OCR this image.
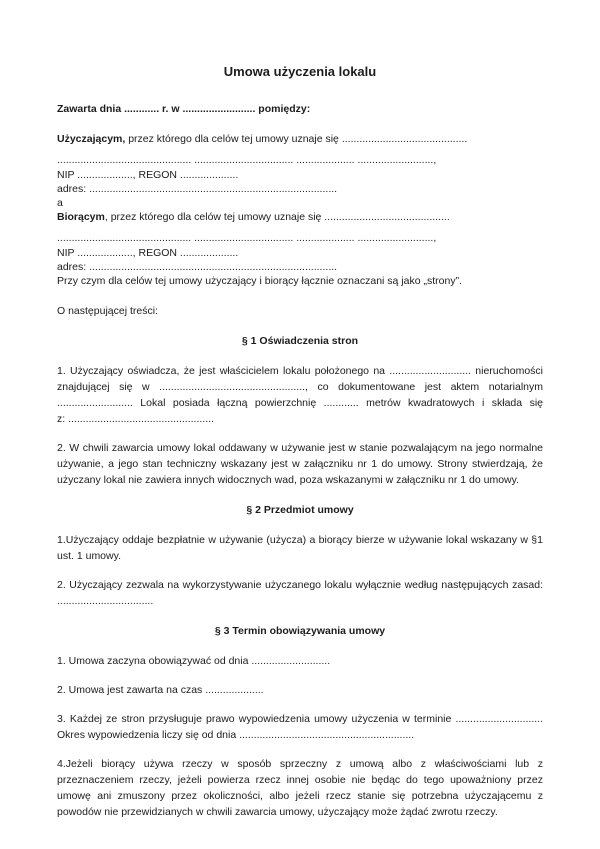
Umowa użyczenia lokalu

Zawarta dnia ............ r. w ......................... pomiędzy:

Użyczającym, przez którego dla celów tej umowy uznaje się ...........................................
.............................................. .................................. .................... ..........................,
NIP ..................., REGON ....................
adres: .....................................................................................
a
Biorącym, przez którego dla celów tej umowy uznaje się ...........................................
.............................................. .................................. .................... ..........................,
NIP ..................., REGON ....................
adres: .....................................................................................
Przy czym dla celów tej umowy użyczający i biorący łącznie oznaczani są jako „strony”.

O następującej treści:

§ 1 Oświadczenia stron

1. Użyczający oświadcza, że jest właścicielem lokalu położonego na ............................ nieruchomości znajdującej się w .................................................., co dokumentowane jest aktem notarialnym .......................... Lokal posiada łączną powierzchnię ............ metrów kwadratowych i składa się z: ..................................................

2. W chwili zawarcia umowy lokal oddawany w używanie jest w stanie pozwalającym na jego normalne używanie, a jego stan techniczny wskazany jest w załączniku nr 1 do umowy. Strony stwierdzają, że użyczany lokal nie zawiera innych widocznych wad, poza wskazanymi w załączniku nr 1 do umowy.

§ 2 Przedmiot umowy

1.Użyczający oddaje bezpłatnie w używanie (użycza) a biorący bierze w używanie lokal wskazany w §1 ust. 1 umowy.

2. Użyczający zezwala na wykorzystywanie użyczanego lokalu wyłącznie według następujących zasad: .................................

§ 3 Termin obowiązywania umowy

1. Umowa zaczyna obowiązywać od dnia ...........................

2. Umowa jest zawarta na czas ....................

3. Każdej ze stron przysługuje prawo wypowiedzenia umowy użyczenia w terminie .............................. Okres wypowiedzenia liczy się od dnia ............................................................

4.Jeżeli biorący używa rzeczy w sposób sprzeczny z umową albo z właściwościami lub z przeznaczeniem rzeczy, jeżeli powierza rzecz innej osobie nie będąc do tego upoważniony przez umowę ani zmuszony przez okoliczności, albo jeżeli rzecz stanie się potrzebna użyczającemu z powodów nie przewidzianych w chwili zawarcia umowy, użyczający może żądać zwrotu rzeczy.
